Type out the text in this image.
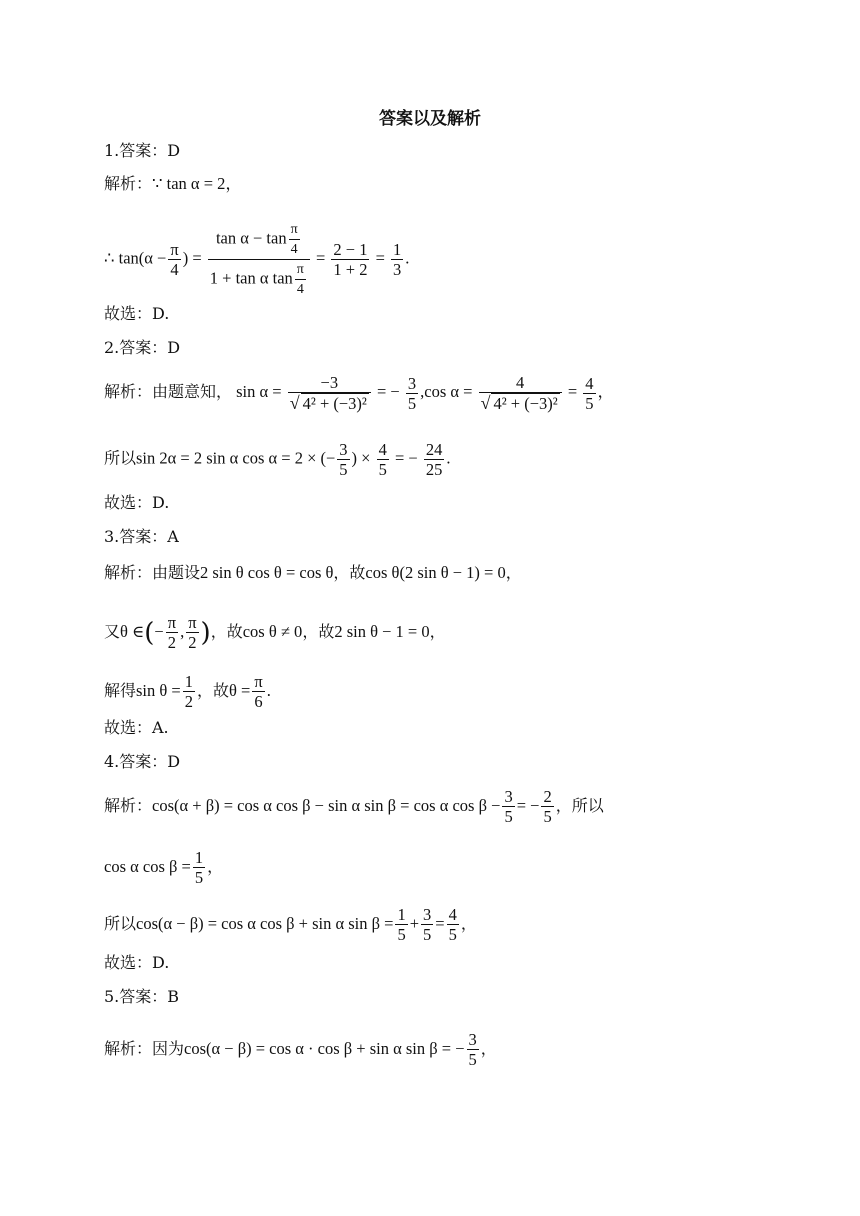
答案以及解析
1.答案：D
解析：∵ tan α = 2，
∴ $\tan(\alpha - \frac{\pi}{4}$ ) = $\frac{\tan \alpha - \tan \frac{\pi}{4}}{1 + \tan \alpha \tan \frac{\pi}{4}} = \frac{2 - 1}{1 + 2} = \frac{1}{3}$ .
故选：D.
2.答案：D
解析：由题意知， $\sin \alpha = \frac{-3}{\text{√ 4² + (−3)²}}$ = − $\frac{3}{5} ,\cos$ $\alpha = \frac{4}{\text{√ 4² + (−3)²}} = \frac{4}{5}$ ，
所以sin 2α = 2 sin α cos α = 2 × (− $\frac{3}{5}$ ) × $\frac{4}{5}$ = − $\frac{24}{25}$ .
故选：D.
3.答案：A
解析：由题设2 sin θ cos θ = cos θ，故cos θ(2 sin θ − 1) = 0，
又θ ∈(− $\frac{\pi}{2}$ , $\frac{\pi}{2}$ )，故cos θ ≠ 0，故2 sin θ − 1 = 0，
解得$\sin \theta = \frac{1}{2}$ ，故$\theta = \frac{\pi}{6}$ .
故选：A.
4.答案：D
解析：cos(α + β) = cos α cos β − sin α sin β = cos α $\cos \beta - \frac{3}{5}$ = − $\frac{2}{5}$ ，所以
cos α $\cos \beta = \frac{1}{5}$ ，
所以cos(α − β) = cos α cos β + sin α $\sin \beta = \frac{1}{5} + \frac{3}{5} = \frac{4}{5}$ ，
故选：D.
5.答案：B
解析：因为cos(α − β) = cos α · cos β + sin α sin β = − $\frac{3}{5}$ ，
